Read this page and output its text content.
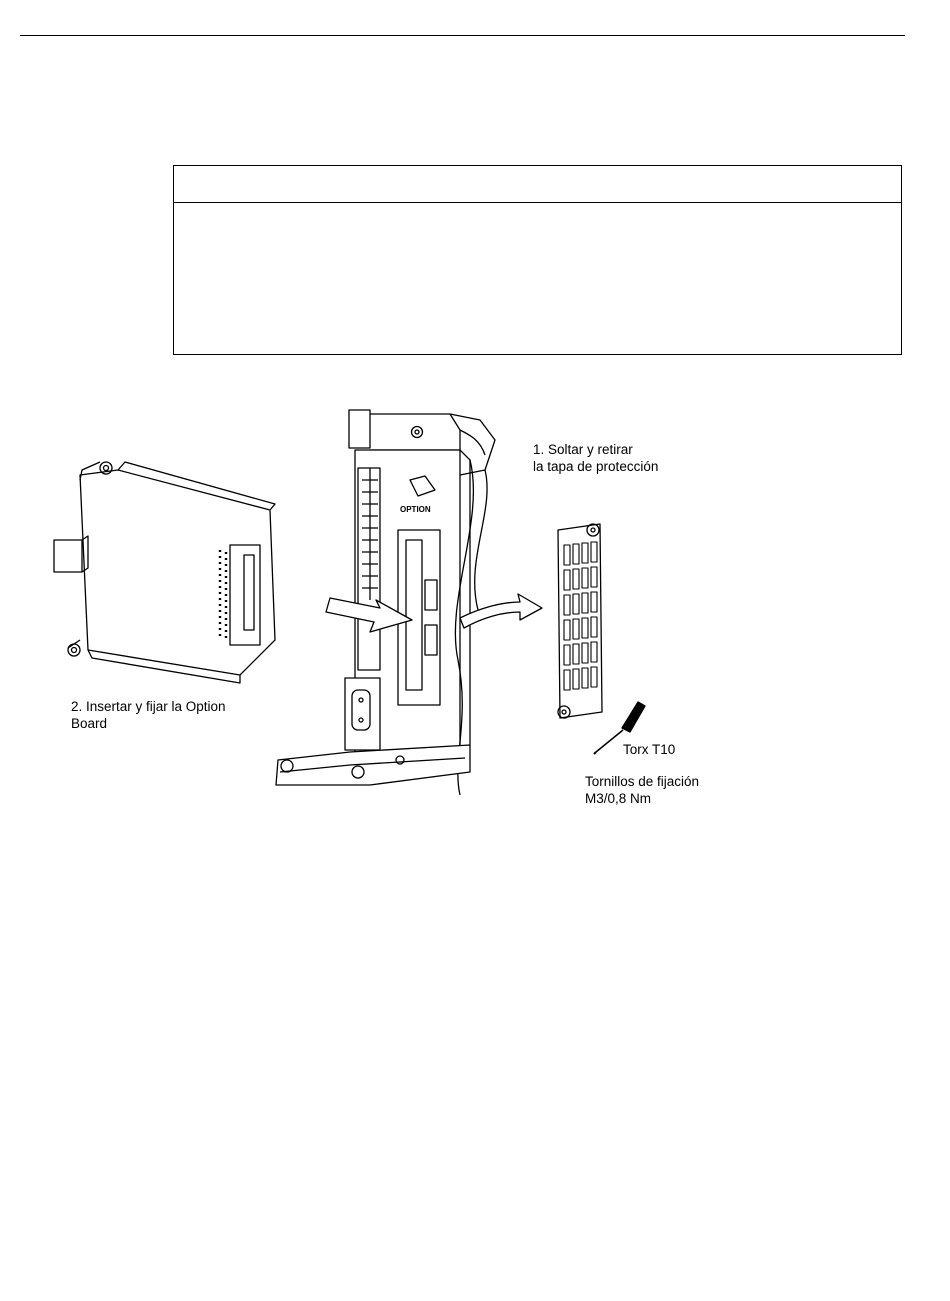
OPTION
1. Soltar y retirar
la tapa de protección
2. Insertar y fijar la Option
Board
Torx T10
Tornillos de fijación
M3/0,8 Nm
